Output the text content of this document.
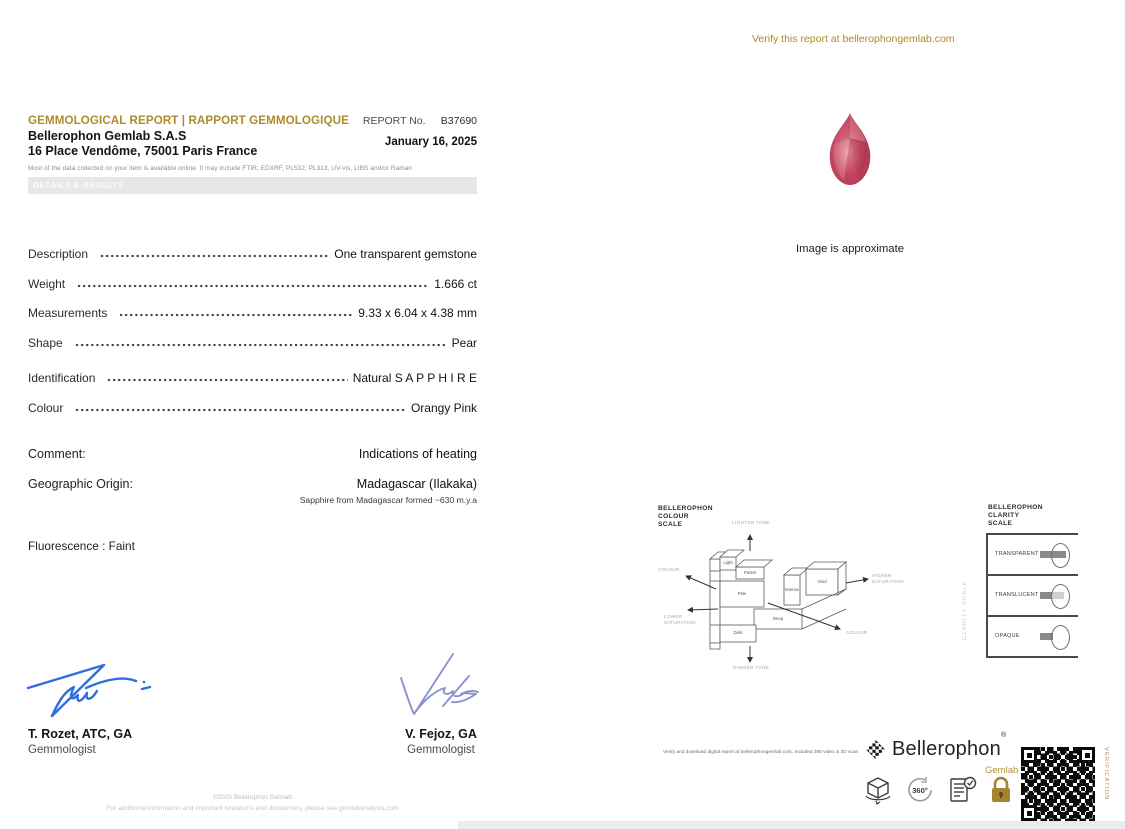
Verify this report at bellerophongemlab.com
GEMMOLOGICAL REPORT | RAPPORT GEMMOLOGIQUE REPORT No. B37690
Bellerophon Gemlab S.A.S
16 Place Vendôme, 75001 Paris France
January 16, 2025
Most of the data collected on your item is available online. It may include FTIR, EDXRF, PL532, PL313, UV-vis, LIBS and/or Raman
DETAILS & RESULTS
Description	One transparent gemstone
Weight	1.666 ct
Measurements	9.33 x 6.04 x 4.38 mm
Shape	Pear
Identification	Natural S A P P H I R E
Colour	Orangy Pink
Comment:	Indications of heating
Geographic Origin:	Madagascar (Ilakaka)
Sapphire from Madagascar formed ~630 m.y.a
Fluorescence : Faint
T. Rozet, ATC, GA
Gemmologist
V. Fejoz, GA
Gemmologist
©2025 Bellerophon Gemlab
For additional information and important limitations and disclaimers, please see gemlabanalysis.com
Image is approximate
BELLEROPHON
COLOUR
SCALE	LIGHTER TONE
DARKER TONE
COLOUR
LOWER SATURATION
HIGHER SATURATION
COLOUR
Light
Pastel
Pale
Intense
Vivid
Deep
Dark
BELLEROPHON
CLARITY
SCALE
CLARITY SCALE
TRANSPARENT
TRANSLUCENT
OPAQUE
Verify and download digital report at bellerophongemlab.com. Included 360 video & 3D scan Bellerophon®
Gemlab
360°	VERIFICATION
